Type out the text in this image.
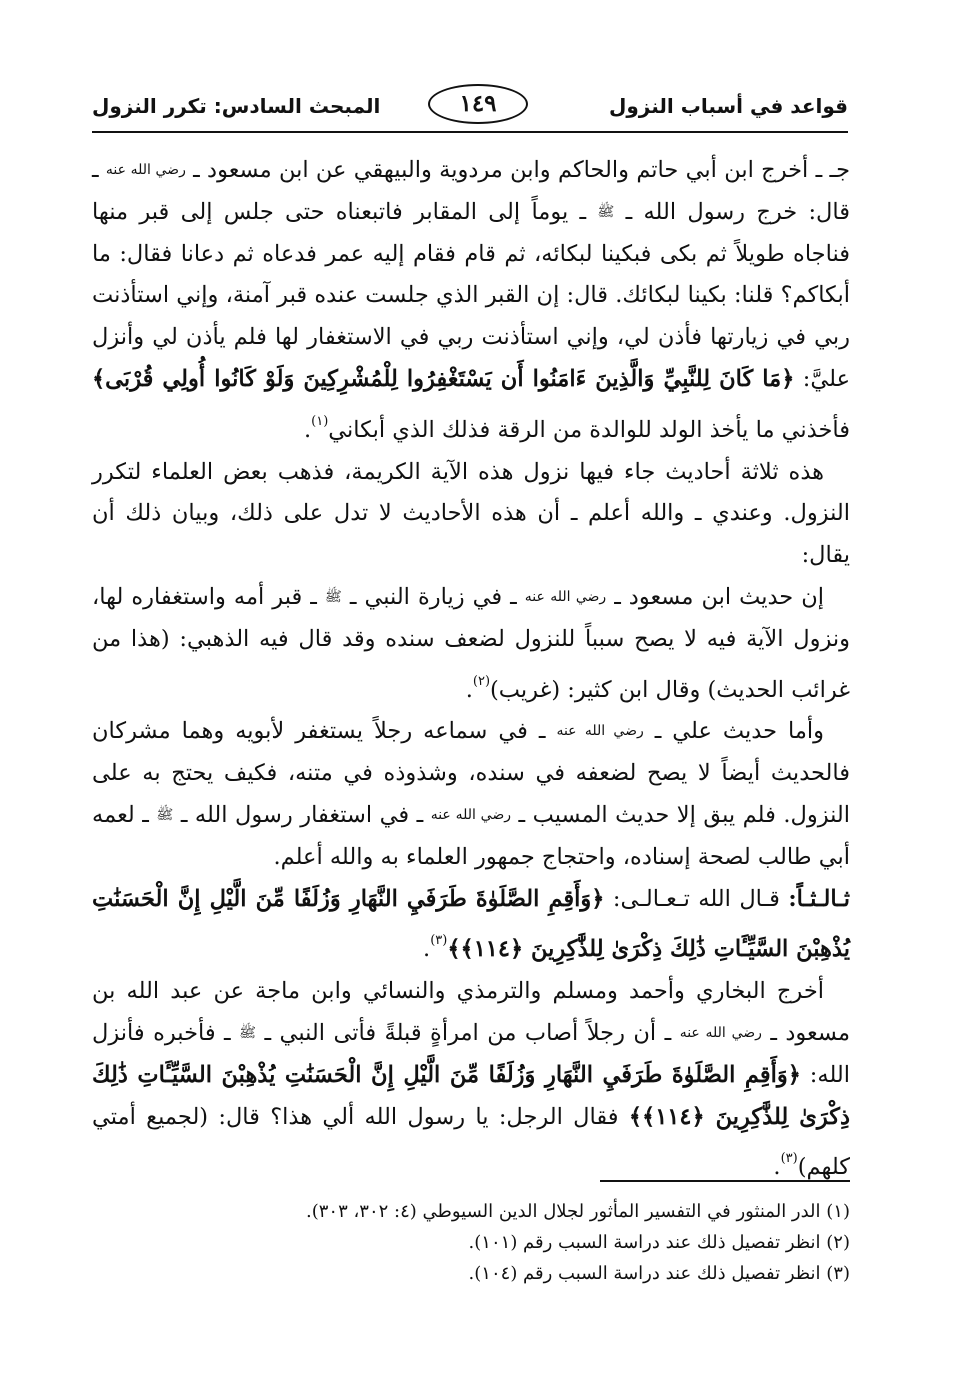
قواعد في أسباب النزول
١٤٩
المبحث السادس: تكرر النزول

جـ ـ أخرج ابن أبي حاتم والحاكم وابن مردوية والبيهقي عن ابن مسعود ـ رضي الله عنه ـ قال: خرج رسول الله ـ ﷺ ـ يوماً إلى المقابر فاتبعناه حتى جلس إلى قبر منها فناجاه طويلاً ثم بكى فبكينا لبكائه، ثم قام فقام إليه عمر فدعاه ثم دعانا فقال: ما أبكاكم؟ قلنا: بكينا لبكائك. قال: إن القبر الذي جلست عنده قبر آمنة، وإني استأذنت ربي في زيارتها فأذن لي، وإني استأذنت ربي في الاستغفار لها فلم يأذن لي وأنزل عليَّ: ﴿مَا كَانَ لِلنَّبِيِّ وَالَّذِينَ ءَامَنُوا أَن يَسْتَغْفِرُوا لِلْمُشْرِكِينَ وَلَوْ كَانُوا أُولِي قُرْبَى﴾ فأخذني ما يأخذ الولد للوالدة من الرقة فذلك الذي أبكاني$^{(١)}$.

هذه ثلاثة أحاديث جاء فيها نزول هذه الآية الكريمة، فذهب بعض العلماء لتكرر النزول. وعندي ـ والله أعلم ـ أن هذه الأحاديث لا تدل على ذلك، وبيان ذلك أن يقال:

إن حديث ابن مسعود ـ رضي الله عنه ـ في زيارة النبي ـ ﷺ ـ قبر أمه واستغفاره لها، ونزول الآية فيه لا يصح سبباً للنزول لضعف سنده وقد قال فيه الذهبي: (هذا من غرائب الحديث) وقال ابن كثير: (غريب)$^{(٢)}$.

وأما حديث علي ـ رضي الله عنه ـ في سماعه رجلاً يستغفر لأبويه وهما مشركان فالحديث أيضاً لا يصح لضعفه في سنده، وشذوذه في متنه، فكيف يحتج به على النزول. فلم يبق إلا حديث المسيب ـ رضي الله عنه ـ في استغفار رسول الله ـ ﷺ ـ لعمه أبي طالب لصحة إسناده، واحتجاج جمهور العلماء به والله أعلم.

ثـالـثـاً: قـال الله تـعـالـى: ﴿وَأَقِمِ الصَّلَوٰةَ طَرَفَيِ النَّهَارِ وَزُلَفًا مِّنَ الَّيْلِ إِنَّ الْحَسَنَٰتِ يُذْهِبْنَ السَّيِّـَٔاتِ ذَٰلِكَ ذِكْرَىٰ لِلذَّٰكِرِينَ ﴿١١٤﴾﴾$^{(٣)}$.

أخرج البخاري وأحمد ومسلم والترمذي والنسائي وابن ماجة عن عبد الله بن مسعود ـ رضي الله عنه ـ أن رجلاً أصاب من امرأةٍ قبلةً فأتى النبي ـ ﷺ ـ فأخبره فأنزل الله: ﴿وَأَقِمِ الصَّلَوٰةَ طَرَفَيِ النَّهَارِ وَزُلَفًا مِّنَ الَّيْلِ إِنَّ الْحَسَنَٰتِ يُذْهِبْنَ السَّيِّـَٔاتِ ذَٰلِكَ ذِكْرَىٰ لِلذَّٰكِرِينَ ﴿١١٤﴾﴾ فقال الرجل: يا رسول الله ألي هذا؟ قال: (لجميع أمتي كلهم)$^{(٣)}$.

(١) الدر المنثور في التفسير المأثور لجلال الدين السيوطي (٤: ٣٠٢، ٣٠٣).
(٢) انظر تفصيل ذلك عند دراسة السبب رقم (١٠١).
(٣) انظر تفصيل ذلك عند دراسة السبب رقم (١٠٤).
